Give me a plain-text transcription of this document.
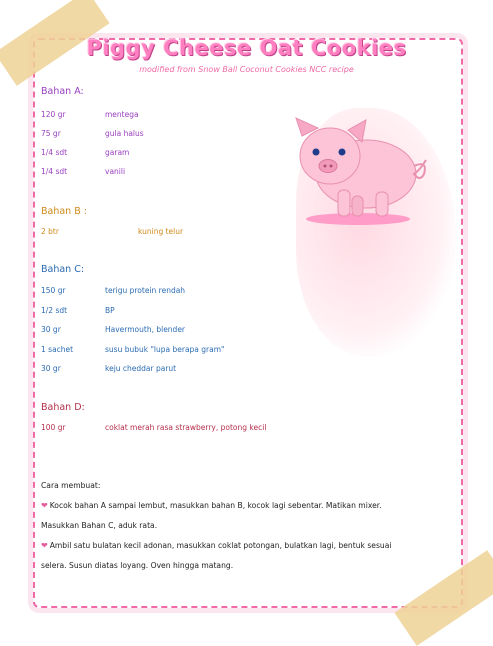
Piggy Cheese Oat Cookies
modified from Snow Ball Coconut Cookies NCC recipe
Bahan A:
120 gr	mentega
75 gr	gula halus
1/4 sdt	garam
1/4 sdt	vanili
Bahan B :
2 btr	kuning telur
Bahan C:
150 gr	terigu protein rendah
1/2 sdt	BP
30 gr	Havermouth, blender
1 sachet	susu bubuk "lupa berapa gram"
30 gr	keju cheddar parut
Bahan D:
100 gr	coklat merah rasa strawberry, potong kecil
Cara membuat:
❤ Kocok bahan A sampai lembut, masukkan bahan B, kocok lagi sebentar. Matikan mixer.
Masukkan Bahan C, aduk rata.
❤ Ambil satu bulatan kecil adonan, masukkan coklat potongan, bulatkan lagi, bentuk sesuai
selera. Susun diatas loyang. Oven hingga matang.
